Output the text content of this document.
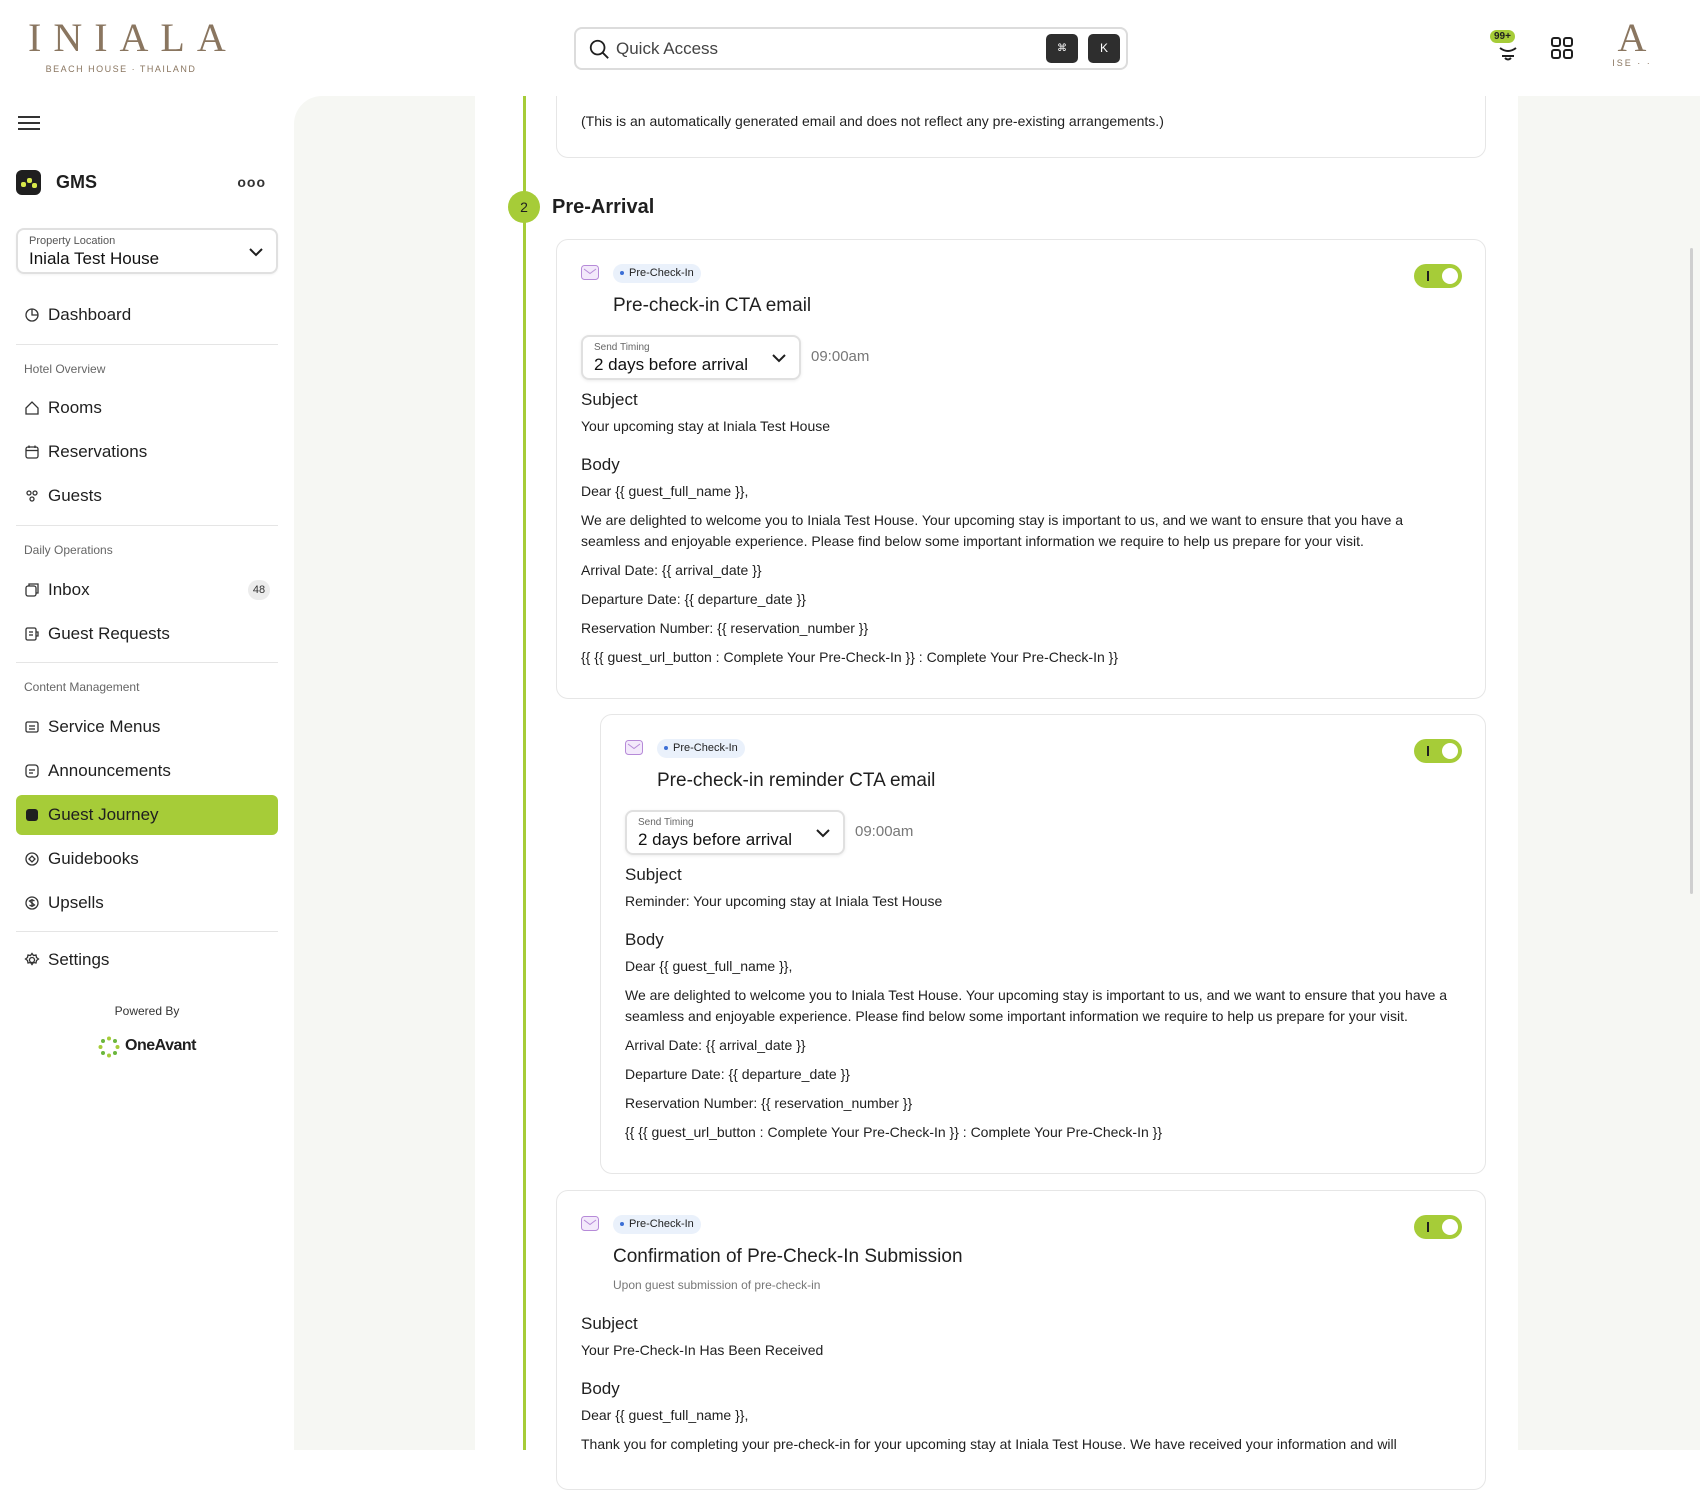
INIALA
BEACH HOUSE · THAILAND
Quick Access	⌘	K
99+	A
ISE · ·
GMS	ooo
Property Location
Iniala Test House
Dashboard
Hotel Overview
Rooms
Reservations
Guests
Daily Operations
Inbox	48
Guest Requests
Content Management
Service Menus
Announcements
Guest Journey
Guidebooks
Upsells
Settings
Powered By
OneAvant
(This is an automatically generated email and does not reflect any pre-existing arrangements.)
2	Pre-Arrival
Pre-Check-In
Pre-check-in CTA email
Send Timing
2 days before arrival	09:00am
Subject
Your upcoming stay at Iniala Test House
Body
Dear {{ guest_full_name }},
We are delighted to welcome you to Iniala Test House. Your upcoming stay is important to us, and we want to ensure that you have a seamless and enjoyable experience. Please find below some important information we require to help us prepare for your visit.
Arrival Date: {{ arrival_date }}
Departure Date: {{ departure_date }}
Reservation Number: {{ reservation_number }}
{{ {{ guest_url_button : Complete Your Pre-Check-In }} : Complete Your Pre-Check-In }}
Pre-Check-In
Pre-check-in reminder CTA email
Send Timing
2 days before arrival	09:00am
Subject
Reminder: Your upcoming stay at Iniala Test House
Body
Dear {{ guest_full_name }},
We are delighted to welcome you to Iniala Test House. Your upcoming stay is important to us, and we want to ensure that you have a seamless and enjoyable experience. Please find below some important information we require to help us prepare for your visit.
Arrival Date: {{ arrival_date }}
Departure Date: {{ departure_date }}
Reservation Number: {{ reservation_number }}
{{ {{ guest_url_button : Complete Your Pre-Check-In }} : Complete Your Pre-Check-In }}
Pre-Check-In
Confirmation of Pre-Check-In Submission
Upon guest submission of pre-check-in
Subject
Your Pre-Check-In Has Been Received
Body
Dear {{ guest_full_name }},
Thank you for completing your pre-check-in for your upcoming stay at Iniala Test House. We have received your information and will
